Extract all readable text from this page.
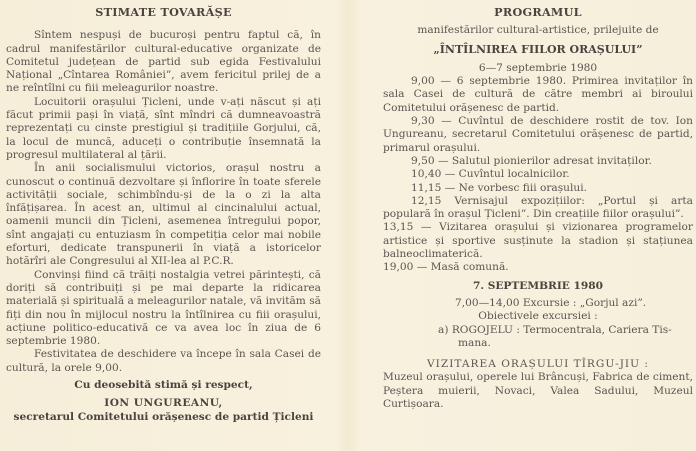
STIMATE TOVARĂȘE

Sîntem nespuși de bucuroși pentru faptul că, în cadrul manifestărilor cultural-educative organizate de Comitetul județean de partid sub egida Festivalului Național „Cîntarea României”, avem fericitul prilej de a ne reîntîlni cu fiii meleagurilor noastre.

Locuitorii orașului Țicleni, unde v-ați născut și ați făcut primii pași în viață, sînt mîndri că dumneavoastră reprezentați cu cinste prestigiul și tradițiile Gorjului, că, la locul de muncă, aduceți o contribuție însemnată la progresul multilateral al țării.

În anii socialismului victorios, orașul nostru a cunoscut o continuă dezvoltare și înflorire în toate sferele activității sociale, schimbîndu-și de la o zi la alta înfățișarea. În acest an, ultimul al cincinalului actual, oamenii muncii din Țicleni, asemenea întregului popor, sînt angajați cu entuziasm în competiția celor mai nobile eforturi, dedicate transpunerii în viață a istoricelor hotărîri ale Congresului al XII-lea al P.C.R.

Convinși fiind că trăiți nostalgia vetrei părintești, că doriți să contribuiți și pe mai departe la ridicarea materială și spirituală a meleagurilor natale, vă invităm să fiți din nou în mijlocul nostru la întîlnirea cu fiii orașului, acțiune politico-educativă ce va avea loc în ziua de 6 septembrie 1980.

Festivitatea de deschidere va începe în sala Casei de cultură, la orele 9,00.

Cu deosebită stimă și respect,
ION UNGUREANU,
secretarul Comitetului orășenesc de partid Țicleni
PROGRAMUL

manifestărilor cultural-artistice, prilejuite de

„ÎNTÎLNIREA FIILOR ORAȘULUI”

6—7 septembrie 1980

9,00 — 6 septembrie 1980. Primirea invitaților în sala Casei de cultură de către membri ai biroului Comitetului orășenesc de partid.

9,30 — Cuvîntul de deschidere rostit de tov. Ion Ungureanu, secretarul Comitetului orășenesc de partid, primarul orașului.

9,50 — Salutul pionierilor adresat invitaților.

10,40 — Cuvîntul localnicilor.

11,15 — Ne vorbesc fiii orașului.

12,15 Vernisajul expozițiilor: „Portul și arta populară în orașul Țicleni”. Din creațiile fiilor orașului”.

13,15 — Vizitarea orașului și vizionarea programelor artistice și sportive susținute la stadion și stațiunea balneoclimaterică.

19,00 — Masă comună.

7. SEPTEMBRIE 1980

7,00—14,00 Excursie : „Gorjul azi”.

Obiectivele excursiei :

a) ROGOJELU : Termocentrala, Cariera Tis-

mana.

VIZITAREA ORAȘULUI TÎRGU-JIU :

Muzeul orașului, operele lui Brâncuși, Fabrica de ciment, Peștera muierii, Novaci, Valea Sadului, Muzeul Curtișoara.
